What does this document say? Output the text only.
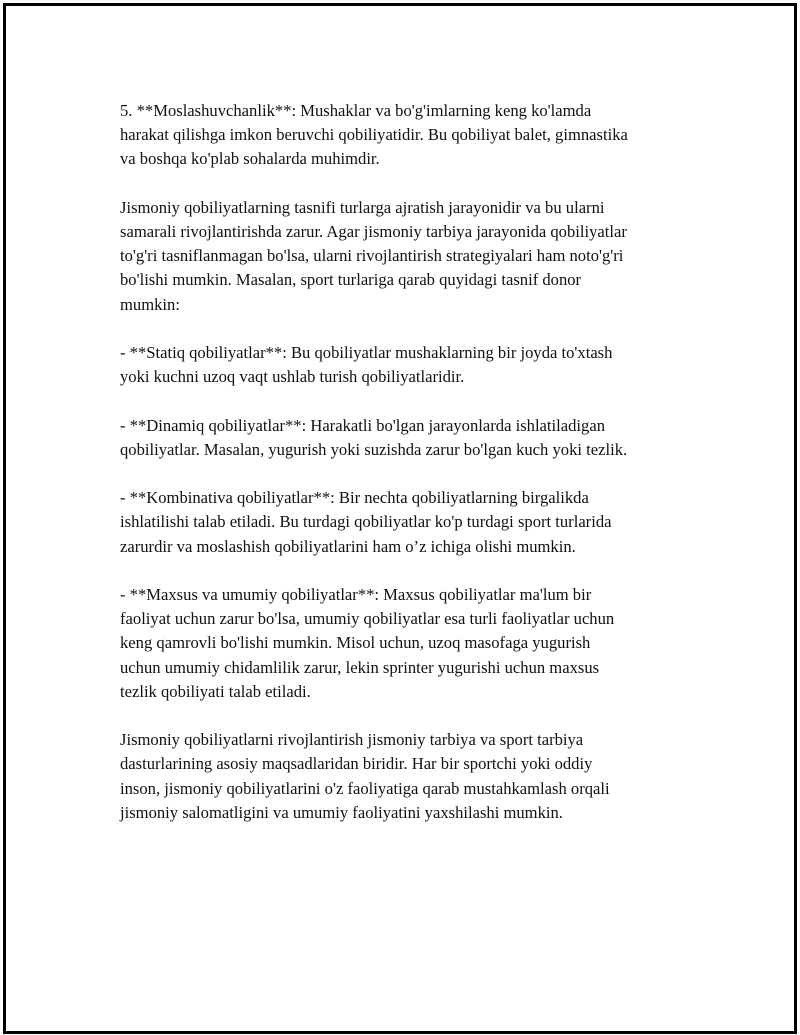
5. **Moslashuvchanlik**: Mushaklar va bo'g'imlarning keng ko'lamda
harakat qilishga imkon beruvchi qobiliyatidir. Bu qobiliyat balet, gimnastika
va boshqa ko'plab sohalarda muhimdir.

Jismoniy qobiliyatlarning tasnifi turlarga ajratish jarayonidir va bu ularni
samarali rivojlantirishda zarur. Agar jismoniy tarbiya jarayonida qobiliyatlar
to'g'ri tasniflanmagan bo'lsa, ularni rivojlantirish strategiyalari ham noto'g'ri
bo'lishi mumkin. Masalan, sport turlariga qarab quyidagi tasnif donor
mumkin:

- **Statiq qobiliyatlar**: Bu qobiliyatlar mushaklarning bir joyda to'xtash
yoki kuchni uzoq vaqt ushlab turish qobiliyatlaridir.

- **Dinamiq qobiliyatlar**: Harakatli bo'lgan jarayonlarda ishlatiladigan
qobiliyatlar. Masalan, yugurish yoki suzishda zarur bo'lgan kuch yoki tezlik.

- **Kombinativa qobiliyatlar**: Bir nechta qobiliyatlarning birgalikda
ishlatilishi talab etiladi. Bu turdagi qobiliyatlar ko'p turdagi sport turlarida
zarurdir va moslashish qobiliyatlarini ham o’z ichiga olishi mumkin.

- **Maxsus va umumiy qobiliyatlar**: Maxsus qobiliyatlar ma'lum bir
faoliyat uchun zarur bo'lsa, umumiy qobiliyatlar esa turli faoliyatlar uchun
keng qamrovli bo'lishi mumkin. Misol uchun, uzoq masofaga yugurish
uchun umumiy chidamlilik zarur, lekin sprinter yugurishi uchun maxsus
tezlik qobiliyati talab etiladi.

Jismoniy qobiliyatlarni rivojlantirish jismoniy tarbiya va sport tarbiya
dasturlarining asosiy maqsadlaridan biridir. Har bir sportchi yoki oddiy
inson, jismoniy qobiliyatlarini o'z faoliyatiga qarab mustahkamlash orqali
jismoniy salomatligini va umumiy faoliyatini yaxshilashi mumkin.
